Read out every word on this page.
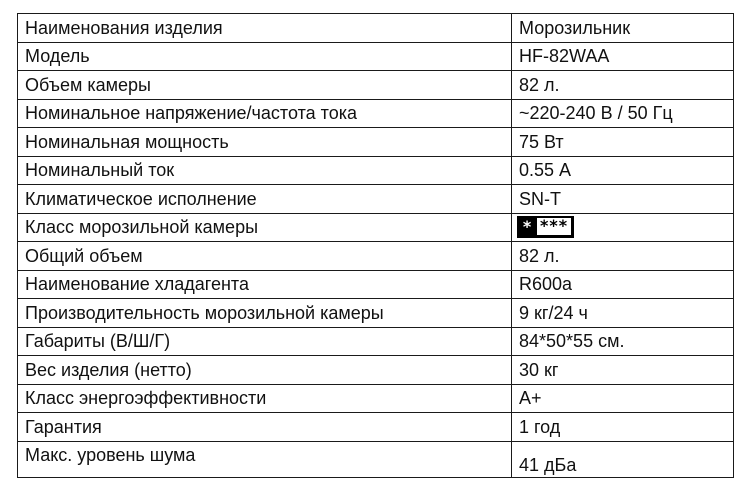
Наименования изделия	Морозильник
Модель	HF-82WAA
Объем камеры	82 л.
Номинальное напряжение/частота тока	~220-240 В / 50 Гц
Номинальная мощность	75 Вт
Номинальный ток	0.55 А
Климатическое исполнение	SN-T
Класс морозильной камеры	* ***
Общий объем	82 л.
Наименование хладагента	R600a
Производительность морозильной камеры	9 кг/24 ч
Габариты (В/Ш/Г)	84*50*55 см.
Вес изделия (нетто)	30 кг
Класс энергоэффективности	А+
Гарантия	1 год
Макс. уровень шума	41 дБа
